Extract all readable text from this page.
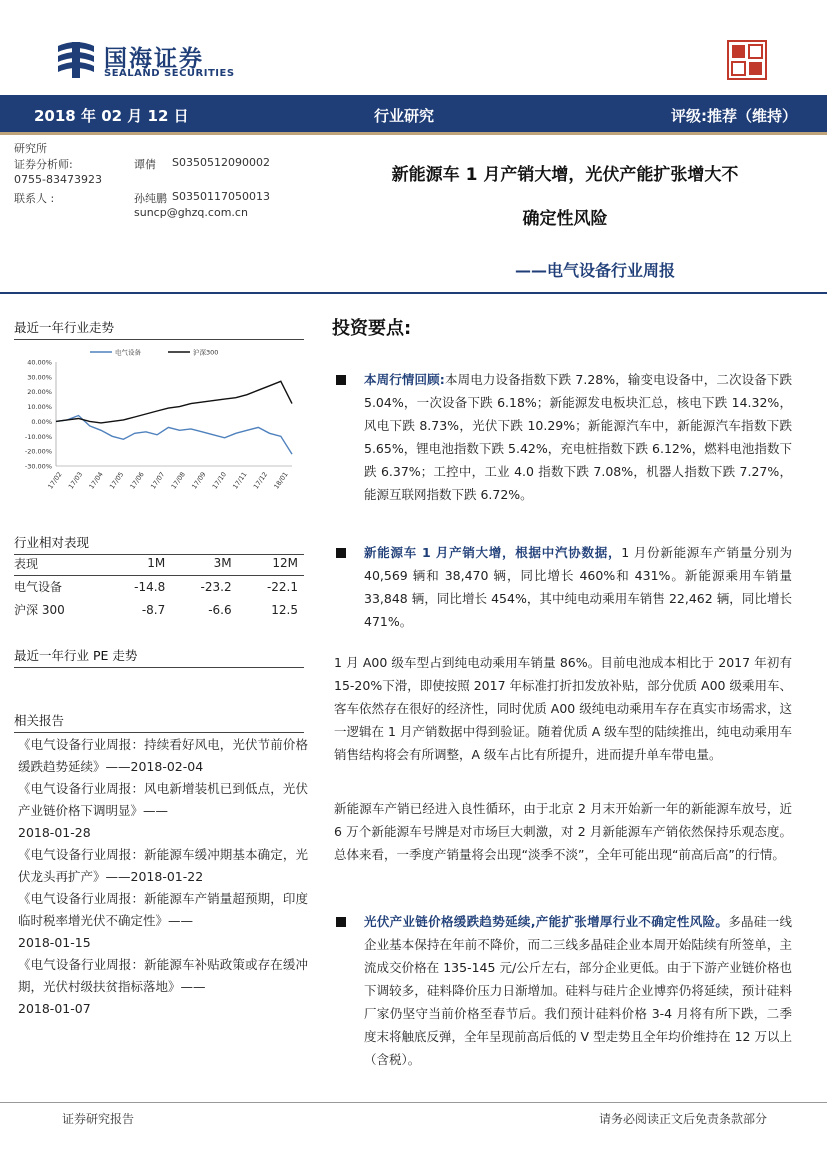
国海证券
SEALAND SECURITIES
2018 年 02 月 12 日	行业研究	评级:推荐（维持）
研究所
证券分析师:	谭倩 S0350512090002
0755-83473923
联系人 :	孙纯鹏 S0350117050013
suncp@ghzq.com.cn
新能源车 1 月产销大增，光伏产能扩张增大不
确定性风险
——电气设备行业周报
最近一年行业走势
电气设备	沪深300
40.00%
30.00%
20.00%
10.00%
0.00%
-10.00%
-20.00%
-30.00%
17/02 17/03 17/04 17/05 17/06 17/07 17/08 17/09 17/10 17/11 17/12 18/01
行业相对表现
表现	1M	3M	12M
电气设备	-14.8	-23.2	-22.1
沪深 300	-8.7	-6.6	12.5
最近一年行业 PE 走势
相关报告
《电气设备行业周报：持续看好风电，光伏节前价格缓跌趋势延续》——2018-02-04
《电气设备行业周报：风电新增装机已到低点，光伏产业链价格下调明显》——
2018-01-28
《电气设备行业周报：新能源车缓冲期基本确定，光伏龙头再扩产》——2018-01-22
《电气设备行业周报：新能源车产销量超预期，印度临时税率增光伏不确定性》——
2018-01-15
《电气设备行业周报：新能源车补贴政策或存在缓冲期，光伏村级扶贫指标落地》——
2018-01-07
投资要点:
本周行情回顾:本周电力设备指数下跌 7.28%，输变电设备中，二次设备下跌 5.04%，一次设备下跌 6.18%；新能源发电板块汇总，核电下跌 14.32%，风电下跌 8.73%，光伏下跌 10.29%；新能源汽车中，新能源汽车指数下跌 5.65%，锂电池指数下跌 5.42%，充电桩指数下跌 6.12%，燃料电池指数下跌 6.37%；工控中，工业 4.0 指数下跌 7.08%，机器人指数下跌 7.27%，能源互联网指数下跌 6.72%。
新能源车 1 月产销大增，根据中汽协数据，1 月份新能源车产销量分别为 40,569 辆和 38,470 辆，同比增长 460%和 431%。新能源乘用车销量 33,848 辆，同比增长 454%，其中纯电动乘用车销售 22,462 辆，同比增长 471%。
1 月 A00 级车型占到纯电动乘用车销量 86%。目前电池成本相比于 2017 年初有 15-20%下滑，即使按照 2017 年标准打折扣发放补贴，部分优质 A00 级乘用车、客车依然存在很好的经济性，同时优质 A00 级纯电动乘用车存在真实市场需求，这一逻辑在 1 月产销数据中得到验证。随着优质 A 级车型的陆续推出，纯电动乘用车销售结构将会有所调整，A 级车占比有所提升，进而提升单车带电量。
新能源车产销已经进入良性循环，由于北京 2 月末开始新一年的新能源车放号，近 6 万个新能源车号牌是对市场巨大刺激，对 2 月新能源车产销依然保持乐观态度。总体来看，一季度产销量将会出现“淡季不淡”，全年可能出现“前高后高”的行情。
光伏产业链价格缓跌趋势延续,产能扩张增厚行业不确定性风险。多晶硅一线企业基本保持在年前不降价，而二三线多晶硅企业本周开始陆续有所签单，主流成交价格在 135-145 元/公斤左右，部分企业更低。由于下游产业链价格也下调较多，硅料降价压力日渐增加。硅料与硅片企业博弈仍将延续，预计硅料厂家仍坚守当前价格至春节后。我们预计硅料价格 3-4 月将有所下跌，二季度末将触底反弹，全年呈现前高后低的 V 型走势且全年均价维持在 12 万以上（含税）。
证券研究报告	请务必阅读正文后免责条款部分
